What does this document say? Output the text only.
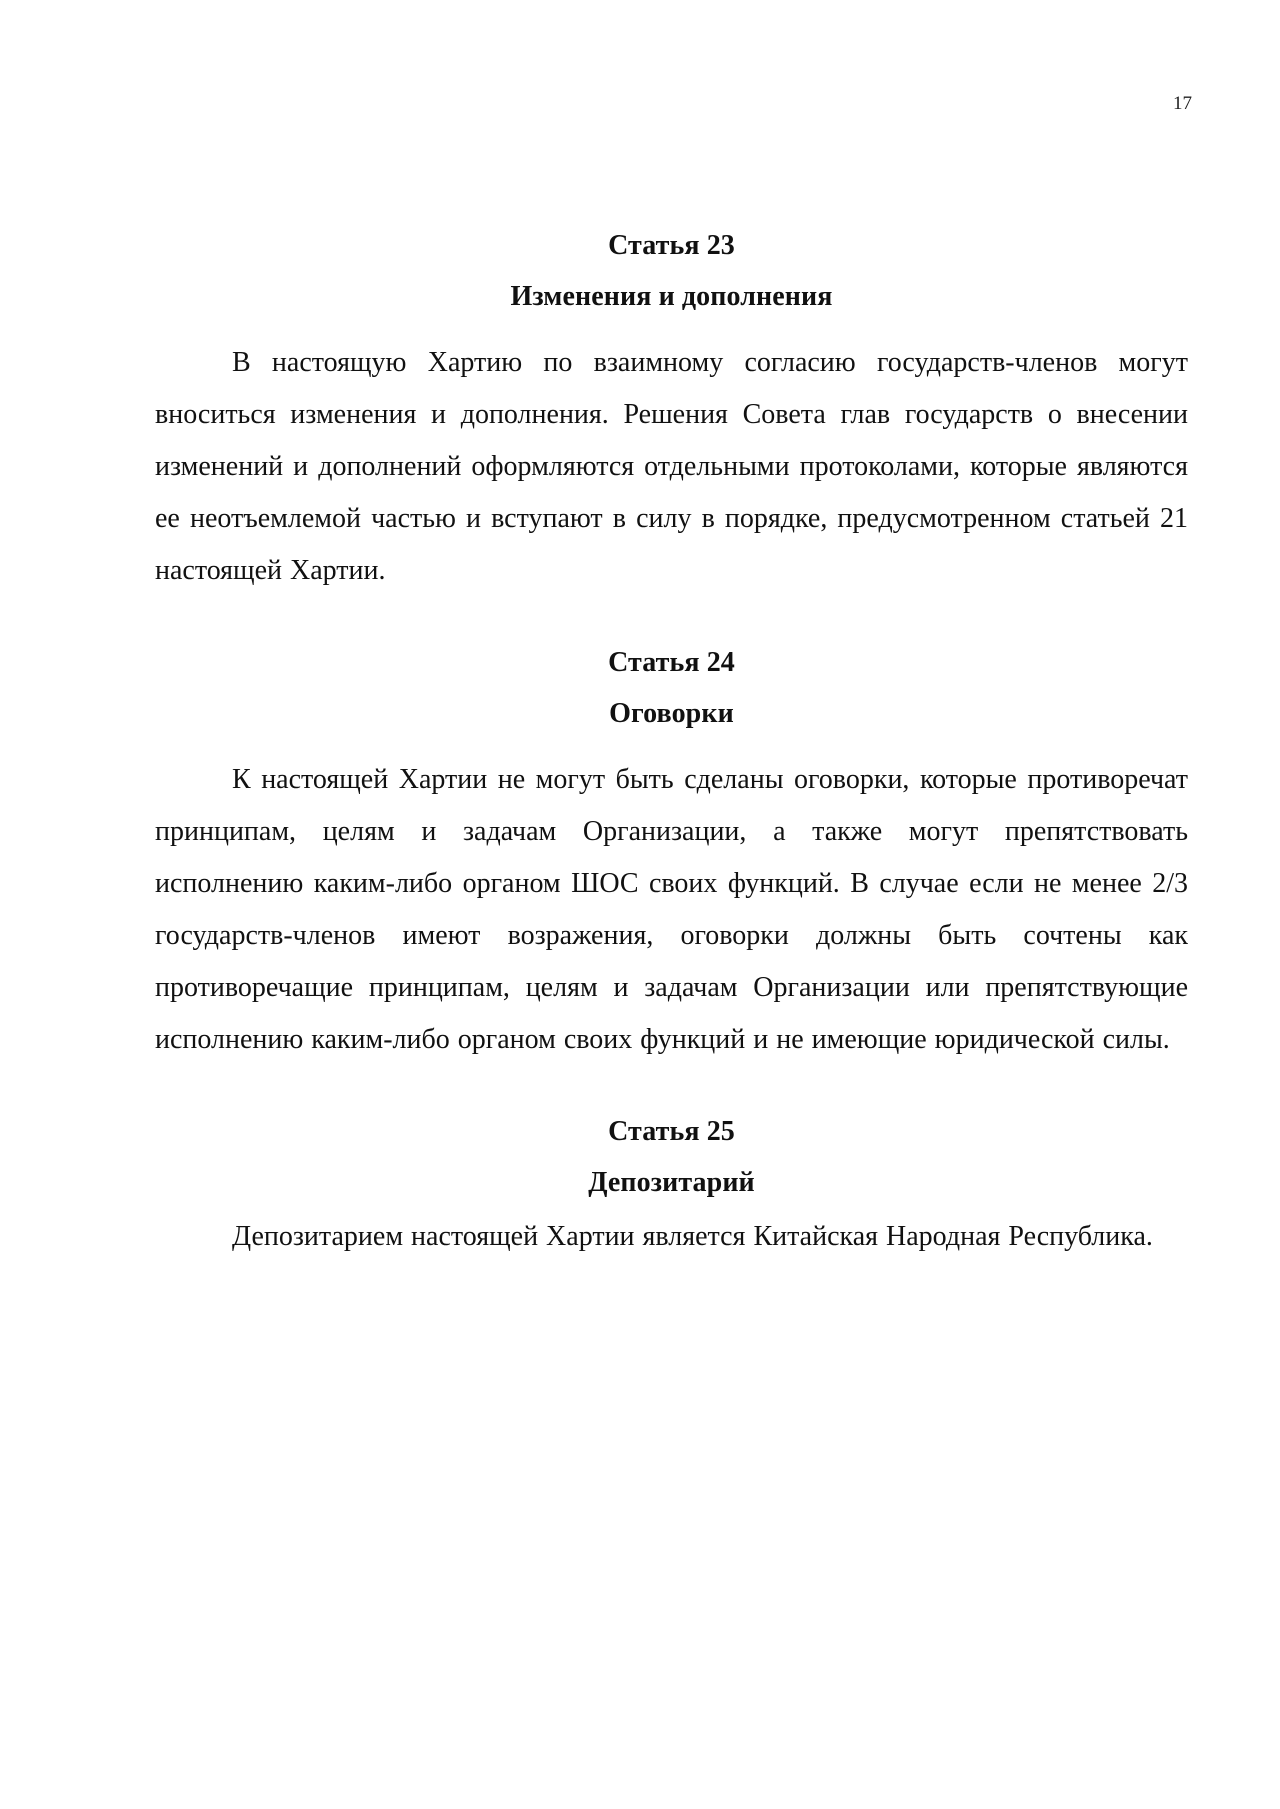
17
Статья 23
Изменения и дополнения

В настоящую Хартию по взаимному согласию государств-членов могут вноситься изменения и дополнения. Решения Совета глав государств о внесении изменений и дополнений оформляются отдельными протоколами, которые являются ее неотъемлемой частью и вступают в силу в порядке, предусмотренном статьей 21 настоящей Хартии.

Статья 24
Оговорки

К настоящей Хартии не могут быть сделаны оговорки, которые противоречат принципам, целям и задачам Организации, а также могут препятствовать исполнению каким-либо органом ШОС своих функций. В случае если не менее 2/3 государств-членов имеют возражения, оговорки должны быть сочтены как противоречащие принципам, целям и задачам Организации или препятствующие исполнению каким-либо органом своих функций и не имеющие юридической силы.

Статья 25
Депозитарий

Депозитарием настоящей Хартии является Китайская Народная Республика.
